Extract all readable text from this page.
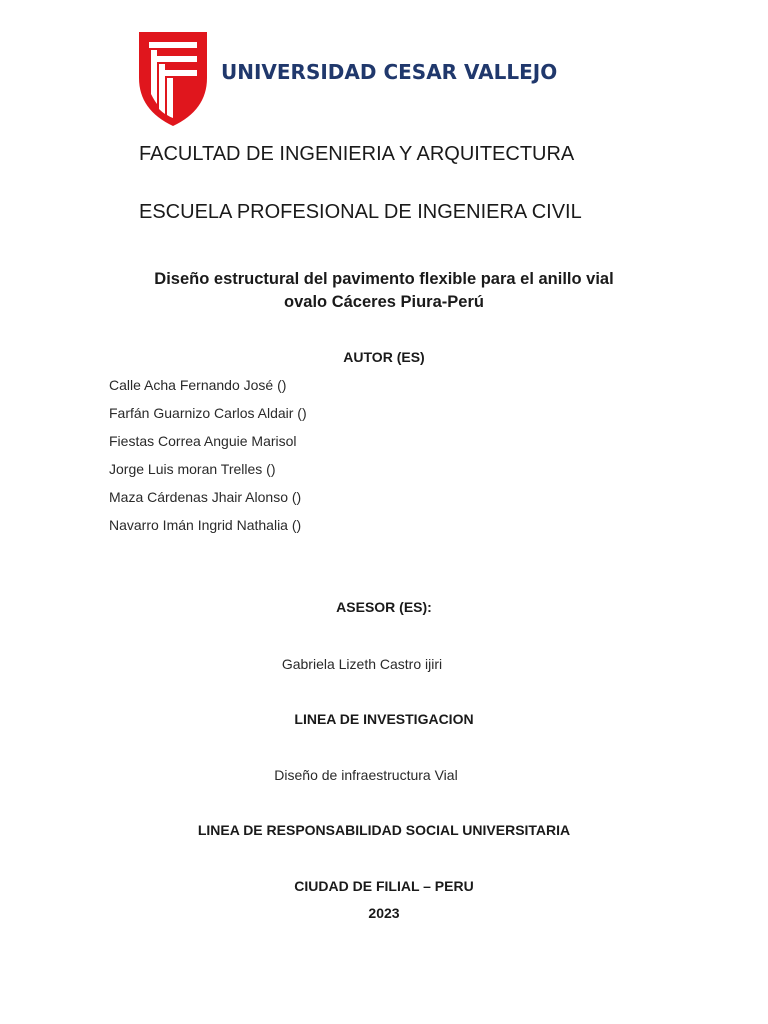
UNIVERSIDAD CESAR VALLEJO
FACULTAD DE INGENIERIA Y ARQUITECTURA
ESCUELA PROFESIONAL DE INGENIERA CIVIL
Diseño estructural del pavimento flexible para el anillo vial
ovalo Cáceres Piura-Perú
AUTOR (ES)
Calle Acha Fernando José ()
Farfán Guarnizo Carlos Aldair ()
Fiestas Correa Anguie Marisol
Jorge Luis moran Trelles ()
Maza Cárdenas Jhair Alonso ()
Navarro Imán Ingrid Nathalia ()
ASESOR (ES):
Gabriela Lizeth Castro ijiri
LINEA DE INVESTIGACION
Diseño de infraestructura Vial
LINEA DE RESPONSABILIDAD SOCIAL UNIVERSITARIA
CIUDAD DE FILIAL – PERU
2023
